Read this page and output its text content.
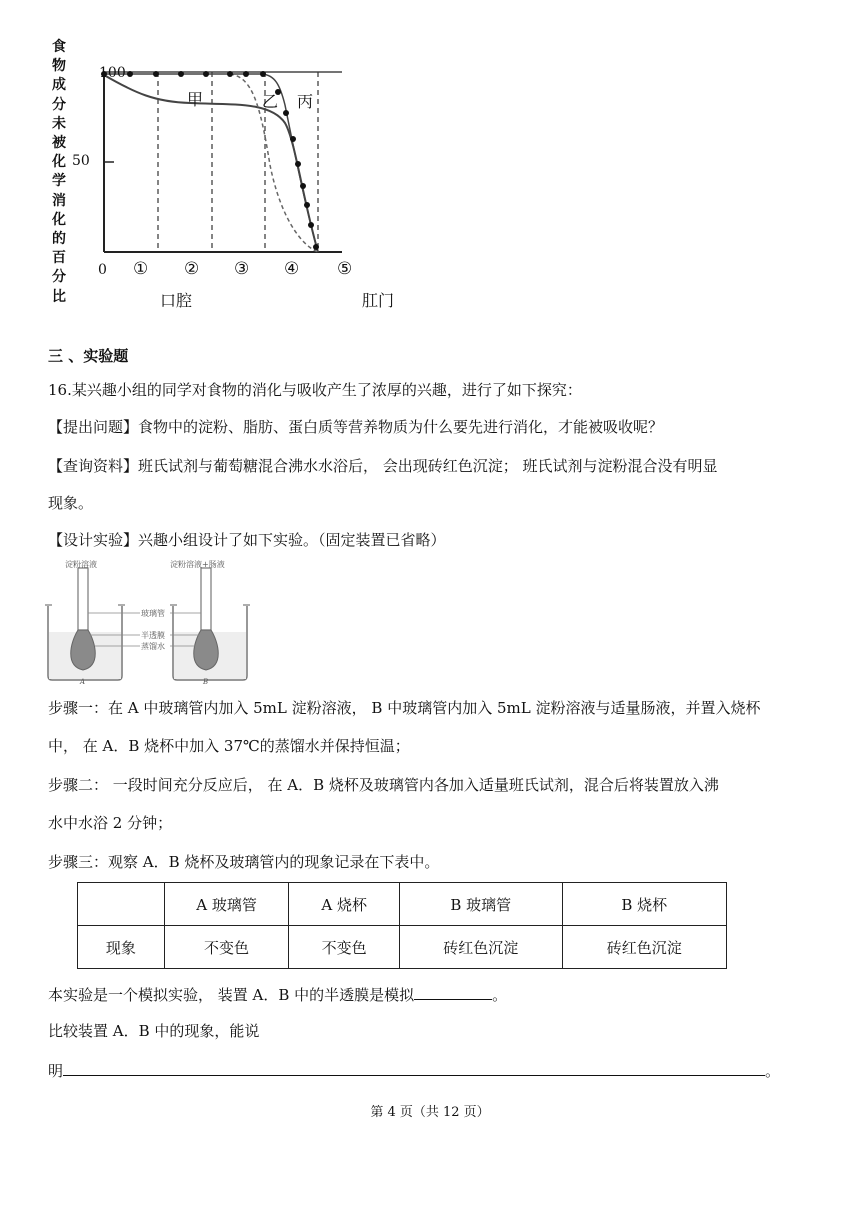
食物成分未被化学消化的百分比
100
50
0 ① ② ③ ④ ⑤
甲	乙 丙
口腔	肛门
三 、实验题
16.某兴趣小组的同学对食物的消化与吸收产生了浓厚的兴趣，进行了如下探究：
【提出问题】食物中的淀粉、脂肪、蛋白质等营养物质为什么要先进行消化，才能被吸收呢？
【查询资料】班氏试剂与葡萄糖混合沸水水浴后， 会出现砖红色沉淀； 班氏试剂与淀粉混合没有明显
现象。
【设计实验】兴趣小组设计了如下实验。（固定装置已省略）
淀粉溶液	淀粉溶液+肠液
玻璃管
半透膜
蒸馏水
A	B
步骤一：在 A 中玻璃管内加入 5mL 淀粉溶液， B 中玻璃管内加入 5mL 淀粉溶液与适量肠液，并置入烧杯
中， 在 A．B 烧杯中加入 37℃的蒸馏水并保持恒温；
步骤二： 一段时间充分反应后， 在 A．B 烧杯及玻璃管内各加入适量班氏试剂，混合后将装置放入沸
水中水浴 2 分钟；
步骤三：观察 A．B 烧杯及玻璃管内的现象记录在下表中。
	A 玻璃管	A 烧杯	B 玻璃管	B 烧杯
现象	不变色	不变色	砖红色沉淀	砖红色沉淀
本实验是一个模拟实验， 装置 A．B 中的半透膜是模拟	。
比较装置 A．B 中的现象，能说
明	。
第 4 页（共 12 页）
